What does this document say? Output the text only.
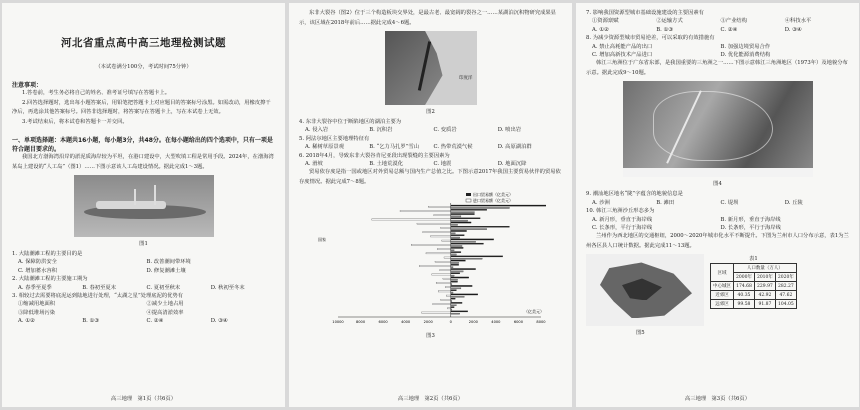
河北省重点高中高三地理检测试题
（本试卷满分100分，考试时间75分钟）
注意事项：
1.答卷前，考生务必将自己的姓名、准考证号填写在答题卡上。
2.回答选择题时，选出每小题答案后，用铅笔把答题卡上对应题目的答案标号涂黑。如需改动，用橡皮擦干净后，再选涂其他答案标号。回答非选择题时，将答案写在答题卡上，写在本试卷上无效。
3.考试结束后，将本试卷和答题卡一并交回。
一、单项选择题：本题共16小题，每小题3分，共48分。在每小题给出的四个选项中，只有一项是符合题目要求的。
我国北方渤海湾沿岸的淤泥质海岸较为平坦，在港口建设中，大型吹填工程是常用手段。2024年，在渤海湾某岛上建设的“人工岛”（图1）……下图示意该人工岛建设情况。据此完成1～3题。
图1
1. 大陆潮滩工程的主要目的是
A. 保障防洪安全	B. 改善潮间带环境
C. 增加蓄水容积	D. 修复潮滩土壤
2. 大陆潮滩工程的主要施工期为
A. 春季至夏季	B. 春初至夏末	C. 夏初至秋末	D. 秋初至冬末
3. 相较过去需要将底泥运到陆地进行处理，“太湖之星”处理底泥的优势有
①缩减用地面积	②减少土地占用
③降低堆场污染	④提高清淤效率
A. ①②	B. ①③	C. ②④	D. ③④
高三地理　第1页（共6页）
东非大裂谷（图2）位于三个构造板块交界处，是最古老、最宽阔的裂谷之一……某湖泊沉积物研究成果显示，该区域在2018年前后……据此完成4～6题。
印度洋
图2
4. 东非大裂谷中位于断陷地区的湖泊主要为
A. 侵入岩	B. 沉积岩	C. 变质岩	D. 喷出岩
5. 阿法尔地区主要地理特征有
A. 稀树草原景观	B. “乞力马扎罗”雪山	C. 热带荒漠气候	D. 高原湖泊群
6. 2018年4月，导致东非大裂谷肯尼亚段出现裂缝的主要因素为
A. 滑坡	B. 土地荒漠化	C. 地震	D. 地面沉降
贸易依存度是指一国或地区对外贸易总额与国内生产总值之比。下图示意2017年我国主要贸易伙伴的贸易依存度情况。据此完成7～8题。
10000	8000	6000	4000	2000	0	2000	4000	6000	8000
出口贸易额（亿美元）
进口贸易额（亿美元）
（亿美元）
国家
图3
高三地理　第2页（共6页）
7. 影响我国资源型城市基础设施建设的主要因素有
①资源禀赋	②运输方式	③产业结构	④科技水平
A. ①②	B. ①③	C. ②④	D. ③④
8. 为减少资源型城市贸易逆差，可以采取的有效措施有
A. 禁止高耗能产品的出口	B. 加强边境贸易合作
C. 增加高新技术产品进口	D. 优化能源消费结构
韩江三角洲位于广东省东部，是我国重要的三角洲之一……下图示意韩江三角洲地区（1973年）及地貌分布示意。据此完成9～10题。
图4
9. 潮汕地区地名“陇”字蕴含的地貌信息是
A. 沙洲	B. 滩田	C. 堤坝	D. 丘陵
10. 韩江三角洲沙丘形态多为
A. 新月形，垂直于海岸线	B. 新月形，垂直于海岸线
C. 长条形，平行于海岸线	D. 长条形，平行于海岸线
兰州作为西北地区的交通枢纽，2000～2020年城市化水平不断提升。下图为兰州市人口分布示意，表1为兰州各区县人口统计数据。据此完成11～13题。
表1
区域	人口数量（万人）		
	2000年	2010年	2020年
中心城区	174.68	229.97	282.27
近郊区	40.35	42.92	47.62
远郊区	99.58	91.87	104.05
图5
高三地理　第3页（共6页）
